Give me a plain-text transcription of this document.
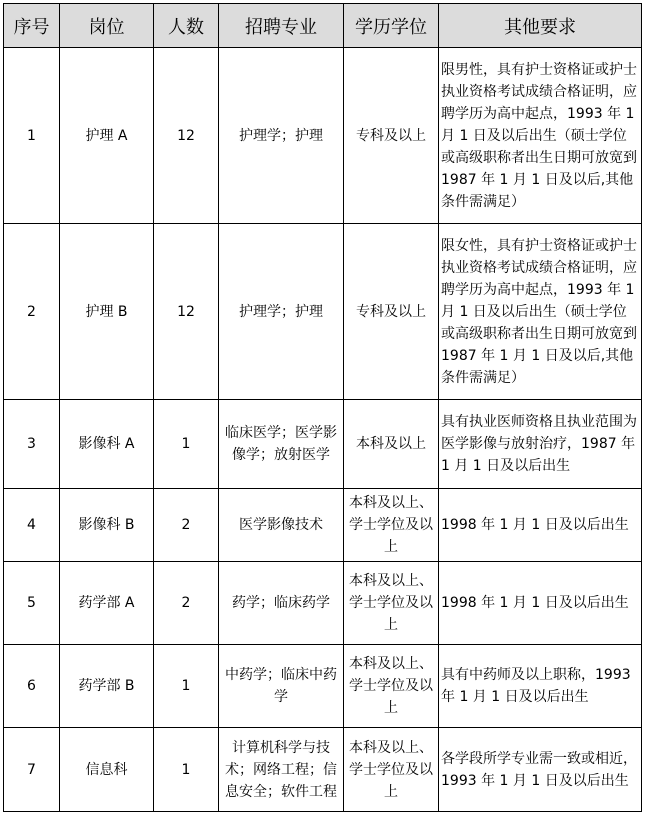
序号	岗位	人数	招聘专业	学历学位	其他要求
1	护理 A	12	护理学；护理	专科及以上	限男性，具有护士资格证或护士执业资格考试成绩合格证明，应聘学历为高中起点，1993 年 1 月 1 日及以后出生（硕士学位或高级职称者出生日期可放宽到 1987 年 1 月 1 日及以后,其他条件需满足）
2	护理 B	12	护理学；护理	专科及以上	限女性，具有护士资格证或护士执业资格考试成绩合格证明，应聘学历为高中起点，1993 年 1 月 1 日及以后出生（硕士学位或高级职称者出生日期可放宽到 1987 年 1 月 1 日及以后,其他条件需满足）
3	影像科 A	1	临床医学；医学影像学；放射医学	本科及以上	具有执业医师资格且执业范围为医学影像与放射治疗，1987 年 1 月 1 日及以后出生
4	影像科 B	2	医学影像技术	本科及以上、学士学位及以上	1998 年 1 月 1 日及以后出生
5	药学部 A	2	药学；临床药学	本科及以上、学士学位及以上	1998 年 1 月 1 日及以后出生
6	药学部 B	1	中药学；临床中药学	本科及以上、学士学位及以上	具有中药师及以上职称，1993 年 1 月 1 日及以后出生
7	信息科	1	计算机科学与技术；网络工程；信息安全；软件工程	本科及以上、学士学位及以上	各学段所学专业需一致或相近，1993 年 1 月 1 日及以后出生
